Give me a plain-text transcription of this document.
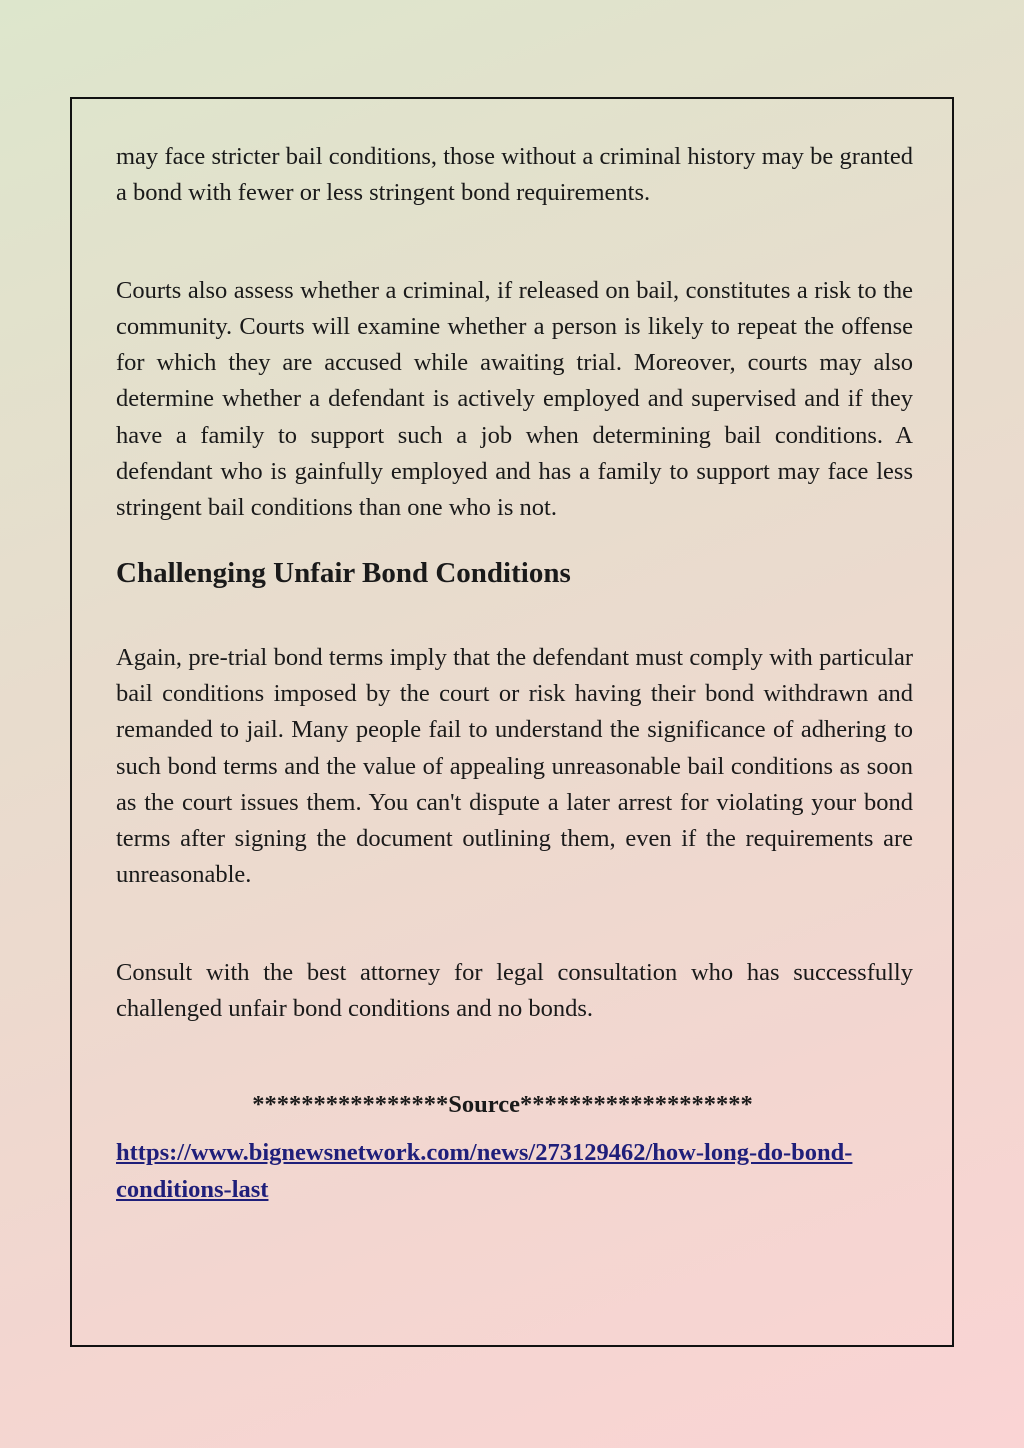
may face stricter bail conditions, those without a criminal history may be granted a bond with fewer or less stringent bond requirements.

Courts also assess whether a criminal, if released on bail, constitutes a risk to the community. Courts will examine whether a person is likely to repeat the offense for which they are accused while awaiting trial. Moreover, courts may also determine whether a defendant is actively employed and supervised and if they have a family to support such a job when determining bail conditions. A defendant who is gainfully employed and has a family to support may face less stringent bail conditions than one who is not.

Challenging Unfair Bond Conditions

Again, pre-trial bond terms imply that the defendant must comply with particular bail conditions imposed by the court or risk having their bond withdrawn and remanded to jail. Many people fail to understand the significance of adhering to such bond terms and the value of appealing unreasonable bail conditions as soon as the court issues them. You can't dispute a later arrest for violating your bond terms after signing the document outlining them, even if the requirements are unreasonable.

Consult with the best attorney for legal consultation who has successfully challenged unfair bond conditions and no bonds.

****************Source*******************
https://www.bignewsnetwork.com/news/273129462/how-long-do-bond-conditions-last
